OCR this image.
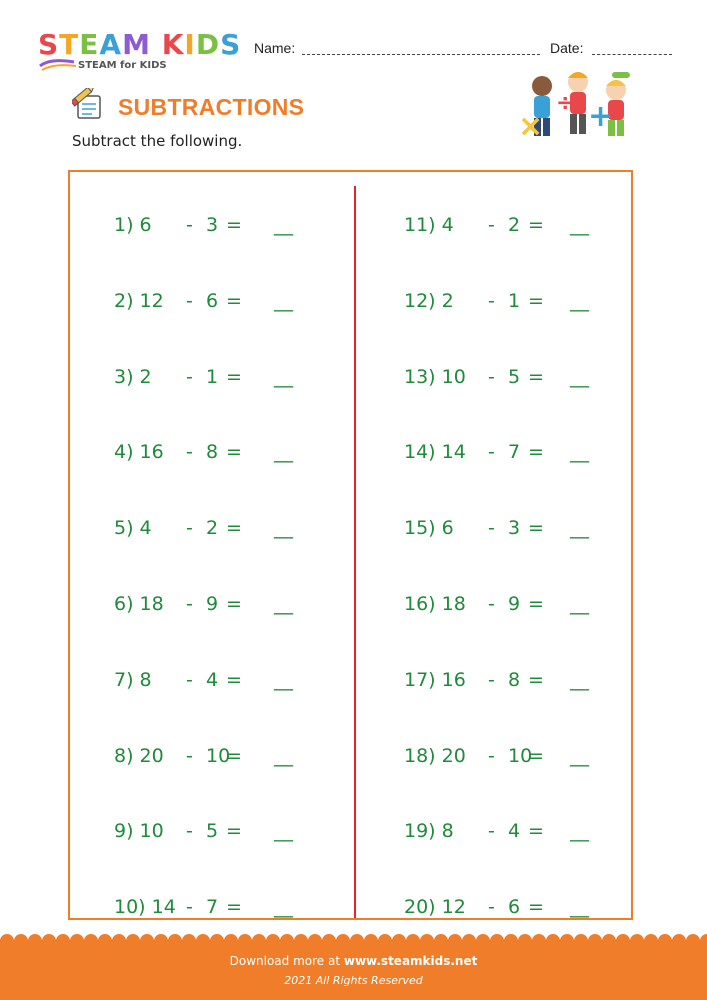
STEAM KIDS
STEAM for KIDS
Name:	Date:
SUBTRACTIONS
Subtract the following.	×
÷ +
1) 6 - 3 = __
2) 12 - 6 = __
3) 2 - 1 = __
4) 16 - 8 = __
5) 4 - 2 = __
6) 18 - 9 = __
7) 8 - 4 = __
8) 20 - 10
= __
9) 10 - 5 = __
10) 14 - 7 = __
11) 4 - 2 = __
12) 2 - 1 = __
13) 10 - 5 = __
14) 14 - 7 = __
15) 6 - 3 = __
16) 18 - 9 = __
17) 16 - 8 = __
18) 20 - 10
= __
19) 8 - 4 = __
20) 12 - 6 = __
Download more at www.steamkids.net
2021 All Rights Reserved
